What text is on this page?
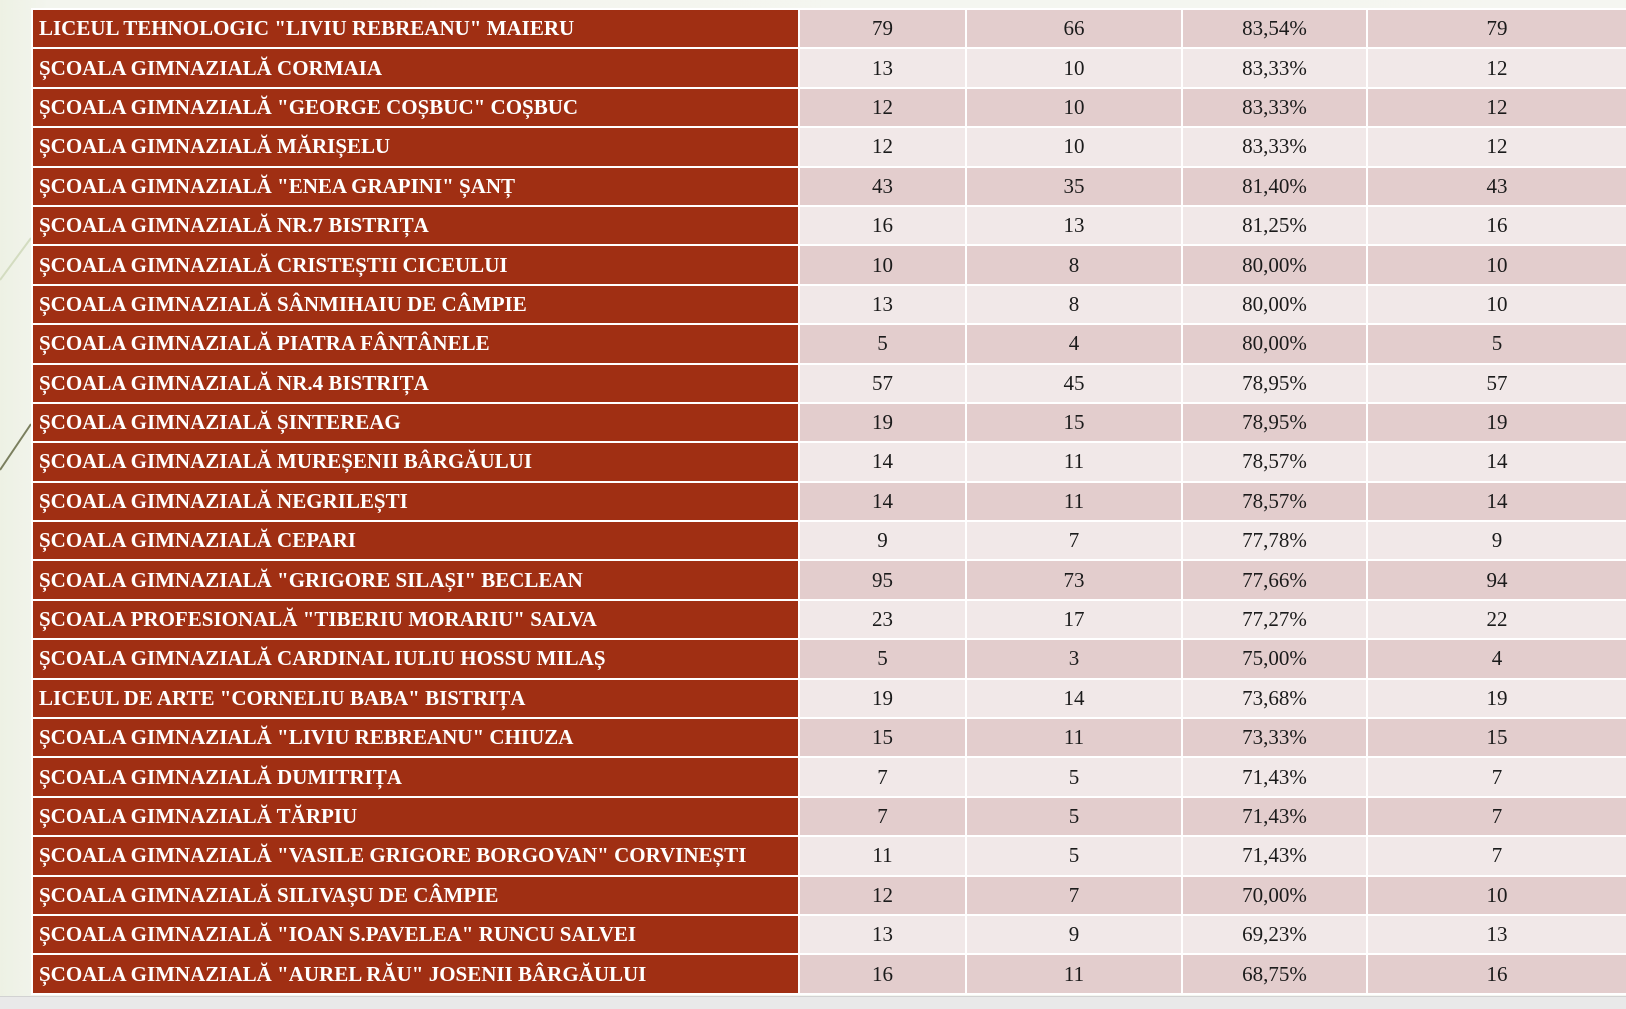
LICEUL TEHNOLOGIC "LIVIU REBREANU" MAIERU	79	66	83,54%	79
ȘCOALA GIMNAZIALĂ CORMAIA	13	10	83,33%	12
ȘCOALA GIMNAZIALĂ "GEORGE COȘBUC" COȘBUC	12	10	83,33%	12
ȘCOALA GIMNAZIALĂ MĂRIȘELU	12	10	83,33%	12
ȘCOALA GIMNAZIALĂ "ENEA GRAPINI" ȘANȚ	43	35	81,40%	43
ȘCOALA GIMNAZIALĂ NR.7 BISTRIȚA	16	13	81,25%	16
ȘCOALA GIMNAZIALĂ CRISTEȘTII CICEULUI	10	8	80,00%	10
ȘCOALA GIMNAZIALĂ SÂNMIHAIU DE CÂMPIE	13	8	80,00%	10
ȘCOALA GIMNAZIALĂ PIATRA FÂNTÂNELE	5	4	80,00%	5
ȘCOALA GIMNAZIALĂ NR.4 BISTRIȚA	57	45	78,95%	57
ȘCOALA GIMNAZIALĂ ȘINTEREAG	19	15	78,95%	19
ȘCOALA GIMNAZIALĂ MUREȘENII BÂRGĂULUI	14	11	78,57%	14
ȘCOALA GIMNAZIALĂ NEGRILEȘTI	14	11	78,57%	14
ȘCOALA GIMNAZIALĂ CEPARI	9	7	77,78%	9
ȘCOALA GIMNAZIALĂ "GRIGORE SILAȘI" BECLEAN	95	73	77,66%	94
ȘCOALA PROFESIONALĂ "TIBERIU MORARIU" SALVA	23	17	77,27%	22
ȘCOALA GIMNAZIALĂ CARDINAL IULIU HOSSU MILAȘ	5	3	75,00%	4
LICEUL DE ARTE "CORNELIU BABA" BISTRIȚA	19	14	73,68%	19
ȘCOALA GIMNAZIALĂ "LIVIU REBREANU" CHIUZA	15	11	73,33%	15
ȘCOALA GIMNAZIALĂ DUMITRIȚA	7	5	71,43%	7
ȘCOALA GIMNAZIALĂ TĂRPIU	7	5	71,43%	7
ȘCOALA GIMNAZIALĂ "VASILE GRIGORE BORGOVAN" CORVINEȘTI	11	5	71,43%	7
ȘCOALA GIMNAZIALĂ SILIVAȘU DE CÂMPIE	12	7	70,00%	10
ȘCOALA GIMNAZIALĂ "IOAN S.PAVELEA" RUNCU SALVEI	13	9	69,23%	13
ȘCOALA GIMNAZIALĂ "AUREL RĂU" JOSENII BÂRGĂULUI	16	11	68,75%	16
